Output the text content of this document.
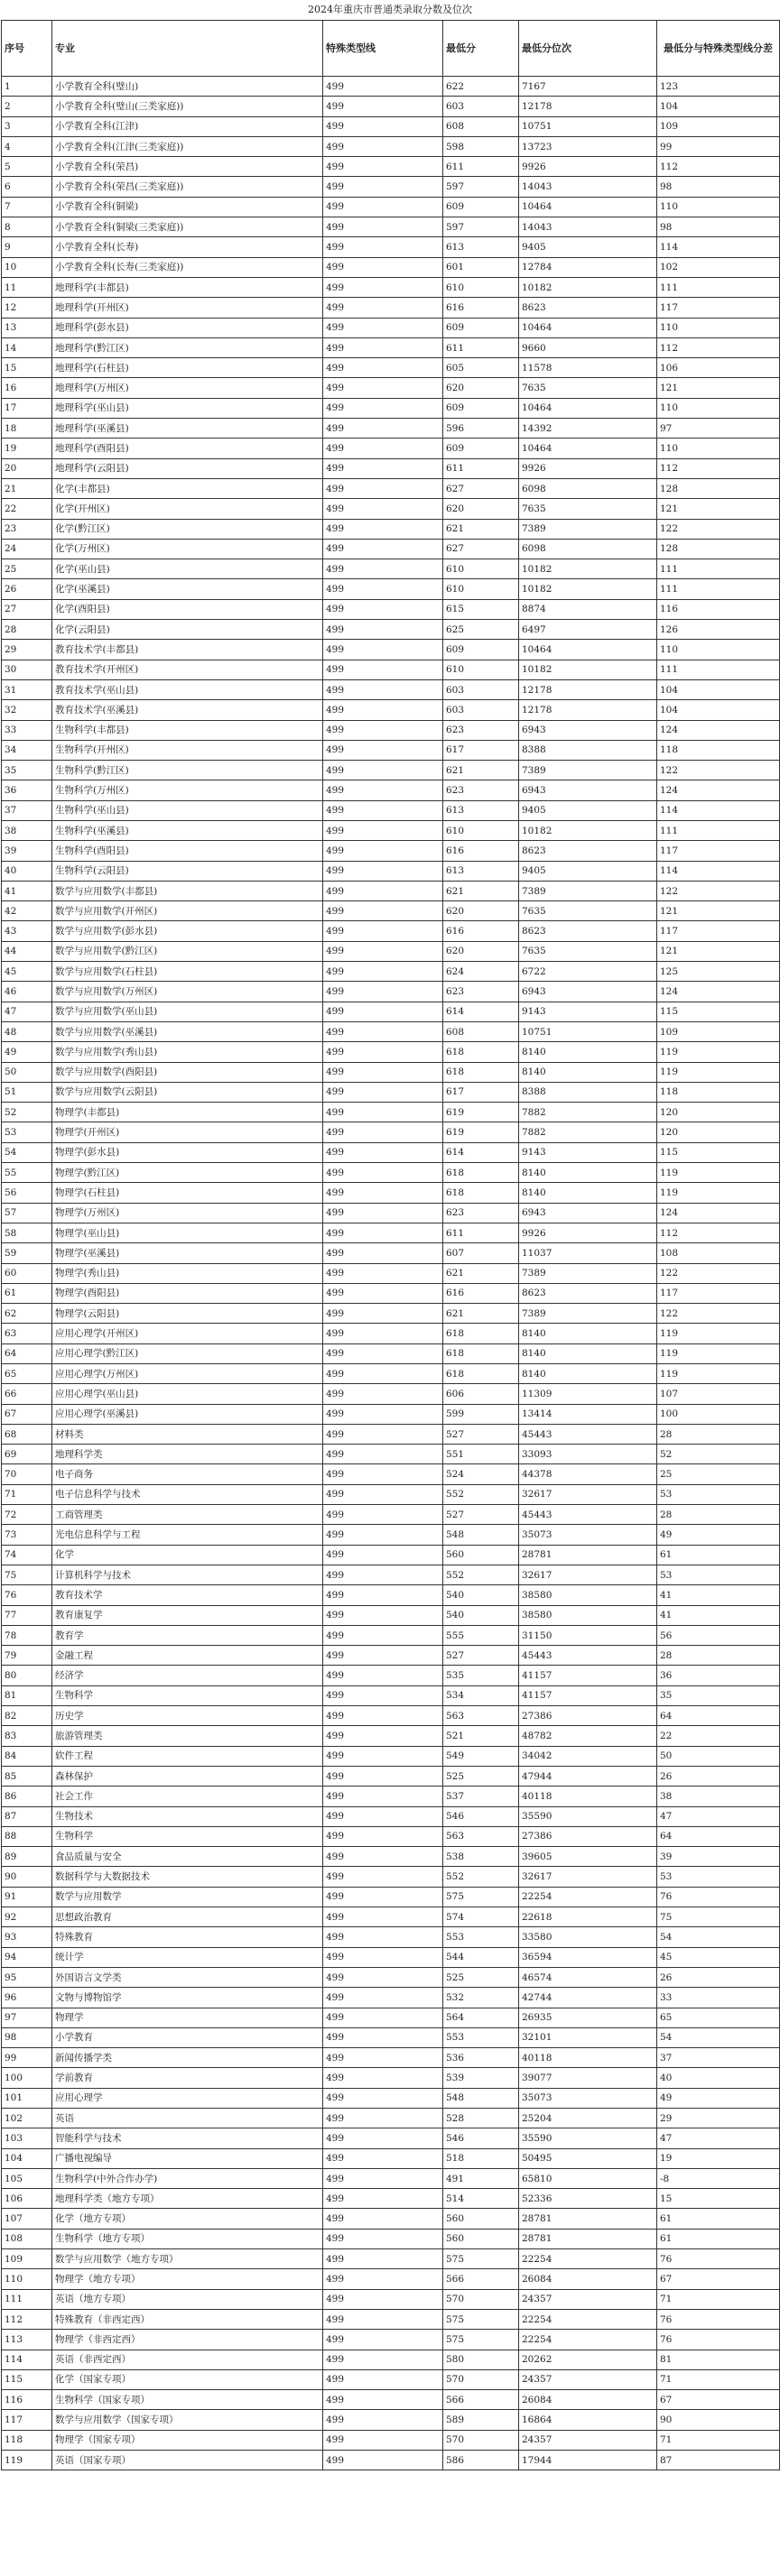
2024年重庆市普通类录取分数及位次
序号	专业	特殊类型线	最低分	最低分位次	最低分与特殊类型线分差
1	小学教育全科(璧山)	499	622	7167	123
2	小学教育全科(璧山(三类家庭))	499	603	12178	104
3	小学教育全科(江津)	499	608	10751	109
4	小学教育全科(江津(三类家庭))	499	598	13723	99
5	小学教育全科(荣昌)	499	611	9926	112
6	小学教育全科(荣昌(三类家庭))	499	597	14043	98
7	小学教育全科(铜梁)	499	609	10464	110
8	小学教育全科(铜梁(三类家庭))	499	597	14043	98
9	小学教育全科(长寿)	499	613	9405	114
10	小学教育全科(长寿(三类家庭))	499	601	12784	102
11	地理科学(丰都县)	499	610	10182	111
12	地理科学(开州区)	499	616	8623	117
13	地理科学(彭水县)	499	609	10464	110
14	地理科学(黔江区)	499	611	9660	112
15	地理科学(石柱县)	499	605	11578	106
16	地理科学(万州区)	499	620	7635	121
17	地理科学(巫山县)	499	609	10464	110
18	地理科学(巫溪县)	499	596	14392	97
19	地理科学(酉阳县)	499	609	10464	110
20	地理科学(云阳县)	499	611	9926	112
21	化学(丰都县)	499	627	6098	128
22	化学(开州区)	499	620	7635	121
23	化学(黔江区)	499	621	7389	122
24	化学(万州区)	499	627	6098	128
25	化学(巫山县)	499	610	10182	111
26	化学(巫溪县)	499	610	10182	111
27	化学(酉阳县)	499	615	8874	116
28	化学(云阳县)	499	625	6497	126
29	教育技术学(丰都县)	499	609	10464	110
30	教育技术学(开州区)	499	610	10182	111
31	教育技术学(巫山县)	499	603	12178	104
32	教育技术学(巫溪县)	499	603	12178	104
33	生物科学(丰都县)	499	623	6943	124
34	生物科学(开州区)	499	617	8388	118
35	生物科学(黔江区)	499	621	7389	122
36	生物科学(万州区)	499	623	6943	124
37	生物科学(巫山县)	499	613	9405	114
38	生物科学(巫溪县)	499	610	10182	111
39	生物科学(酉阳县)	499	616	8623	117
40	生物科学(云阳县)	499	613	9405	114
41	数学与应用数学(丰都县)	499	621	7389	122
42	数学与应用数学(开州区)	499	620	7635	121
43	数学与应用数学(彭水县)	499	616	8623	117
44	数学与应用数学(黔江区)	499	620	7635	121
45	数学与应用数学(石柱县)	499	624	6722	125
46	数学与应用数学(万州区)	499	623	6943	124
47	数学与应用数学(巫山县)	499	614	9143	115
48	数学与应用数学(巫溪县)	499	608	10751	109
49	数学与应用数学(秀山县)	499	618	8140	119
50	数学与应用数学(酉阳县)	499	618	8140	119
51	数学与应用数学(云阳县)	499	617	8388	118
52	物理学(丰都县)	499	619	7882	120
53	物理学(开州区)	499	619	7882	120
54	物理学(彭水县)	499	614	9143	115
55	物理学(黔江区)	499	618	8140	119
56	物理学(石柱县)	499	618	8140	119
57	物理学(万州区)	499	623	6943	124
58	物理学(巫山县)	499	611	9926	112
59	物理学(巫溪县)	499	607	11037	108
60	物理学(秀山县)	499	621	7389	122
61	物理学(酉阳县)	499	616	8623	117
62	物理学(云阳县)	499	621	7389	122
63	应用心理学(开州区)	499	618	8140	119
64	应用心理学(黔江区)	499	618	8140	119
65	应用心理学(万州区)	499	618	8140	119
66	应用心理学(巫山县)	499	606	11309	107
67	应用心理学(巫溪县)	499	599	13414	100
68	材料类	499	527	45443	28
69	地理科学类	499	551	33093	52
70	电子商务	499	524	44378	25
71	电子信息科学与技术	499	552	32617	53
72	工商管理类	499	527	45443	28
73	光电信息科学与工程	499	548	35073	49
74	化学	499	560	28781	61
75	计算机科学与技术	499	552	32617	53
76	教育技术学	499	540	38580	41
77	教育康复学	499	540	38580	41
78	教育学	499	555	31150	56
79	金融工程	499	527	45443	28
80	经济学	499	535	41157	36
81	生物科学	499	534	41157	35
82	历史学	499	563	27386	64
83	旅游管理类	499	521	48782	22
84	软件工程	499	549	34042	50
85	森林保护	499	525	47944	26
86	社会工作	499	537	40118	38
87	生物技术	499	546	35590	47
88	生物科学	499	563	27386	64
89	食品质量与安全	499	538	39605	39
90	数据科学与大数据技术	499	552	32617	53
91	数学与应用数学	499	575	22254	76
92	思想政治教育	499	574	22618	75
93	特殊教育	499	553	33580	54
94	统计学	499	544	36594	45
95	外国语言文学类	499	525	46574	26
96	文物与博物馆学	499	532	42744	33
97	物理学	499	564	26935	65
98	小学教育	499	553	32101	54
99	新闻传播学类	499	536	40118	37
100	学前教育	499	539	39077	40
101	应用心理学	499	548	35073	49
102	英语	499	528	25204	29
103	智能科学与技术	499	546	35590	47
104	广播电视编导	499	518	50495	19
105	生物科学(中外合作办学)	499	491	65810	-8
106	地理科学类（地方专项）	499	514	52336	15
107	化学（地方专项）	499	560	28781	61
108	生物科学（地方专项）	499	560	28781	61
109	数学与应用数学（地方专项）	499	575	22254	76
110	物理学（地方专项）	499	566	26084	67
111	英语（地方专项）	499	570	24357	71
112	特殊教育（非西定西）	499	575	22254	76
113	物理学（非西定西）	499	575	22254	76
114	英语（非西定西）	499	580	20262	81
115	化学（国家专项）	499	570	24357	71
116	生物科学（国家专项）	499	566	26084	67
117	数学与应用数学（国家专项）	499	589	16864	90
118	物理学（国家专项）	499	570	24357	71
119	英语（国家专项）	499	586	17944	87
